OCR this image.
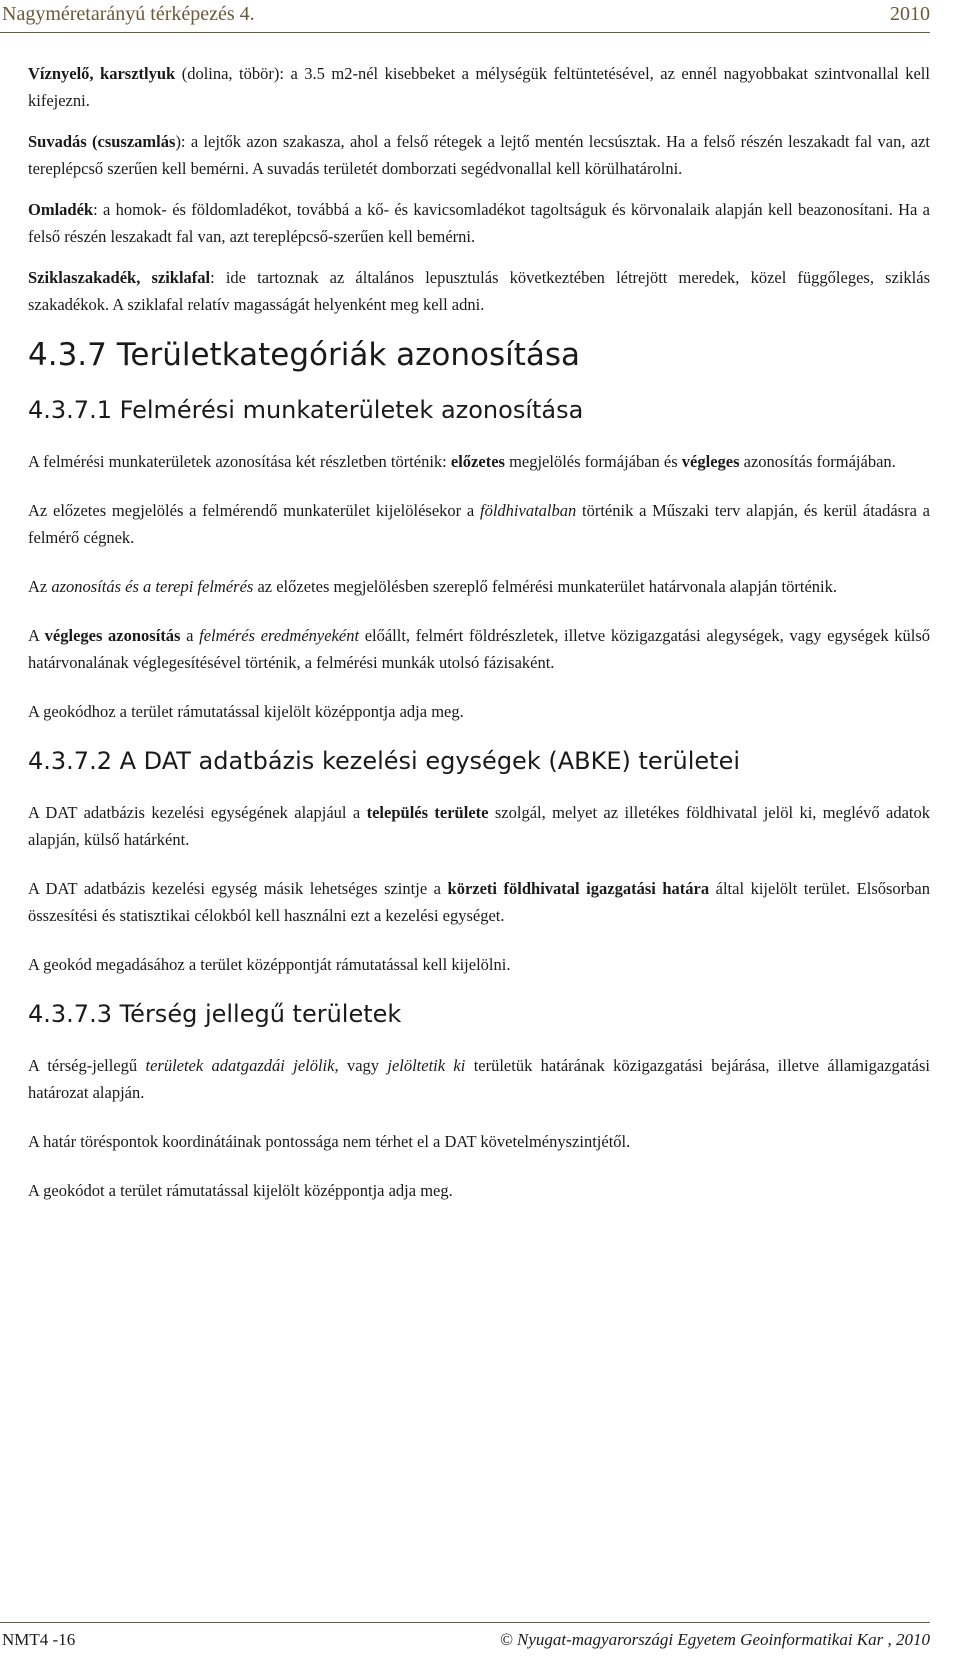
Nagyméretarányú térképezés 4.	2010

Víznyelő, karsztlyuk (dolina, töbör): a 3.5 m2-nél kisebbeket a mélységük feltüntetésével, az ennél nagyobbakat szintvonallal kell kifejezni.

Suvadás (csuszamlás): a lejtők azon szakasza, ahol a felső rétegek a lejtő mentén lecsúsztak. Ha a felső részén leszakadt fal van, azt tereplépcső szerűen kell bemérni. A suvadás területét domborzati segédvonallal kell körülhatárolni.

Omladék: a homok- és földomladékot, továbbá a kő- és kavicsomladékot tagoltságuk és körvonalaik alapján kell beazonosítani. Ha a felső részén leszakadt fal van, azt tereplépcső-szerűen kell bemérni.

Sziklaszakadék, sziklafal: ide tartoznak az általános lepusztulás következtében létrejött meredek, közel függőleges, sziklás szakadékok. A sziklafal relatív magasságát helyenként meg kell adni.

4.3.7 Területkategóriák azonosítása
4.3.7.1 Felmérési munkaterületek azonosítása

A felmérési munkaterületek azonosítása két részletben történik: előzetes megjelölés formájában és végleges azonosítás formájában.

Az előzetes megjelölés a felmérendő munkaterület kijelölésekor a földhivatalban történik a Műszaki terv alapján, és kerül átadásra a felmérő cégnek.

Az azonosítás és a terepi felmérés az előzetes megjelölésben szereplő felmérési munkaterület határvonala alapján történik.

A végleges azonosítás a felmérés eredményeként előállt, felmért földrészletek, illetve közigazgatási alegységek, vagy egységek külső határvonalának véglegesítésével történik, a felmérési munkák utolsó fázisaként.

A geokódhoz a terület rámutatással kijelölt középpontja adja meg.

4.3.7.2 A DAT adatbázis kezelési egységek (ABKE) területei

A DAT adatbázis kezelési egységének alapjául a település területe szolgál, melyet az illetékes földhivatal jelöl ki, meglévő adatok alapján, külső határként.

A DAT adatbázis kezelési egység másik lehetséges szintje a körzeti földhivatal igazgatási határa által kijelölt terület. Elsősorban összesítési és statisztikai célokból kell használni ezt a kezelési egységet.

A geokód megadásához a terület középpontját rámutatással kell kijelölni.

4.3.7.3 Térség jellegű területek

A térség-jellegű területek adatgazdái jelölik, vagy jelöltetik ki területük határának közigazgatási bejárása, illetve államigazgatási határozat alapján.

A határ töréspontok koordinátáinak pontossága nem térhet el a DAT követelményszintjétől.

A geokódot a terület rámutatással kijelölt középpontja adja meg.

NMT4 -16	© Nyugat-magyarországi Egyetem Geoinformatikai Kar , 2010
